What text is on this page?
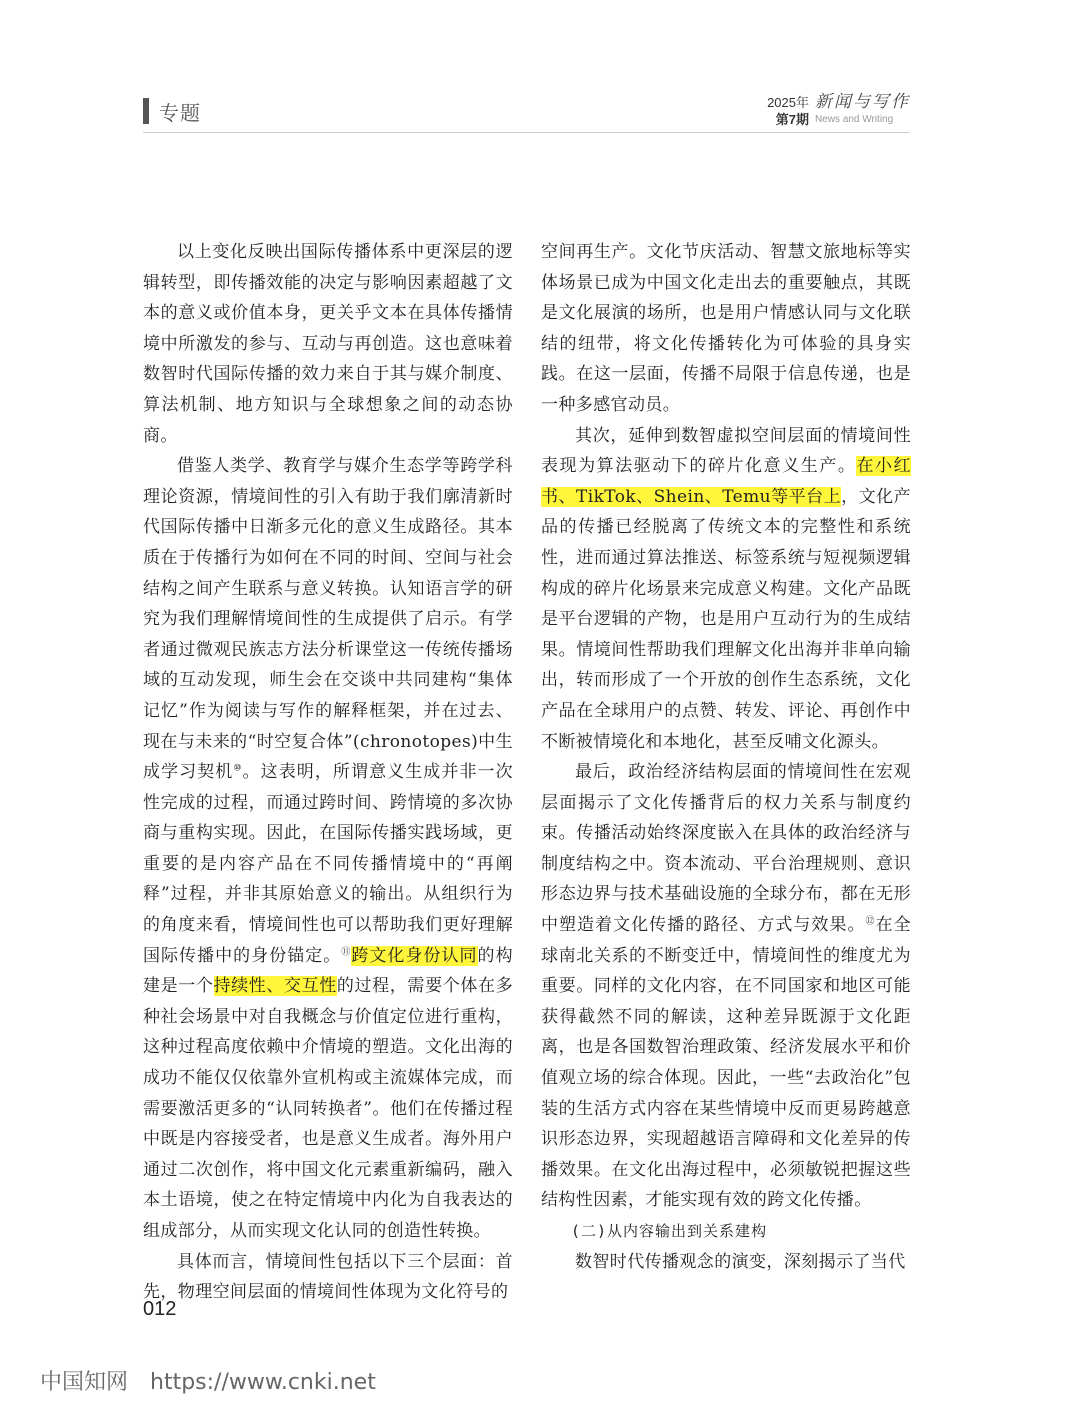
专题	2025年
第7期
新闻与写作
News and Writing

以上变化反映出国际传播体系中更深层的逻辑转型，即传播效能的决定与影响因素超越了文本的意义或价值本身，更关乎文本在具体传播情境中所激发的参与、互动与再创造。这也意味着数智时代国际传播的效力来自于其与媒介制度、算法机制、地方知识与全球想象之间的动态协商。

借鉴人类学、教育学与媒介生态学等跨学科理论资源，情境间性的引入有助于我们廓清新时代国际传播中日渐多元化的意义生成路径。其本质在于传播行为如何在不同的时间、空间与社会结构之间产生联系与意义转换。认知语言学的研究为我们理解情境间性的生成提供了启示。有学者通过微观民族志方法分析课堂这一传统传播场域的互动发现，师生会在交谈中共同建构“集体记忆”作为阅读与写作的解释框架，并在过去、现在与未来的“时空复合体”(chronotopes)中生成学习契机⑩。这表明，所谓意义生成并非一次性完成的过程，而通过跨时间、跨情境的多次协商与重构实现。因此，在国际传播实践场域，更重要的是内容产品在不同传播情境中的“再阐释”过程，并非其原始意义的输出。从组织行为的角度来看，情境间性也可以帮助我们更好理解国际传播中的身份锚定。⑪跨文化身份认同的构建是一个持续性、交互性的过程，需要个体在多种社会场景中对自我概念与价值定位进行重构，这种过程高度依赖中介情境的塑造。文化出海的成功不能仅仅依靠外宣机构或主流媒体完成，而需要激活更多的“认同转换者”。他们在传播过程中既是内容接受者，也是意义生成者。海外用户通过二次创作，将中国文化元素重新编码，融入本土语境，使之在特定情境中内化为自我表达的组成部分，从而实现文化认同的创造性转换。

具体而言，情境间性包括以下三个层面：首先，物理空间层面的情境间性体现为文化符号的

空间再生产。文化节庆活动、智慧文旅地标等实体场景已成为中国文化走出去的重要触点，其既是文化展演的场所，也是用户情感认同与文化联结的纽带，将文化传播转化为可体验的具身实践。在这一层面，传播不局限于信息传递，也是一种多感官动员。

其次，延伸到数智虚拟空间层面的情境间性表现为算法驱动下的碎片化意义生产。在小红书、TikTok、Shein、Temu等平台上，文化产品的传播已经脱离了传统文本的完整性和系统性，进而通过算法推送、标签系统与短视频逻辑构成的碎片化场景来完成意义构建。文化产品既是平台逻辑的产物，也是用户互动行为的生成结果。情境间性帮助我们理解文化出海并非单向输出，转而形成了一个开放的创作生态系统，文化产品在全球用户的点赞、转发、评论、再创作中不断被情境化和本地化，甚至反哺文化源头。

最后，政治经济结构层面的情境间性在宏观层面揭示了文化传播背后的权力关系与制度约束。传播活动始终深度嵌入在具体的政治经济与制度结构之中。资本流动、平台治理规则、意识形态边界与技术基础设施的全球分布，都在无形中塑造着文化传播的路径、方式与效果。⑫在全球南北关系的不断变迁中，情境间性的维度尤为重要。同样的文化内容，在不同国家和地区可能获得截然不同的解读，这种差异既源于文化距离，也是各国数智治理政策、经济发展水平和价值观立场的综合体现。因此，一些“去政治化”包装的生活方式内容在某些情境中反而更易跨越意识形态边界，实现超越语言障碍和文化差异的传播效果。在文化出海过程中，必须敏锐把握这些结构性因素，才能实现有效的跨文化传播。

(二)从内容输出到关系建构

数智时代传播观念的演变，深刻揭示了当代

012
中国知网 https://www.cnki.net
